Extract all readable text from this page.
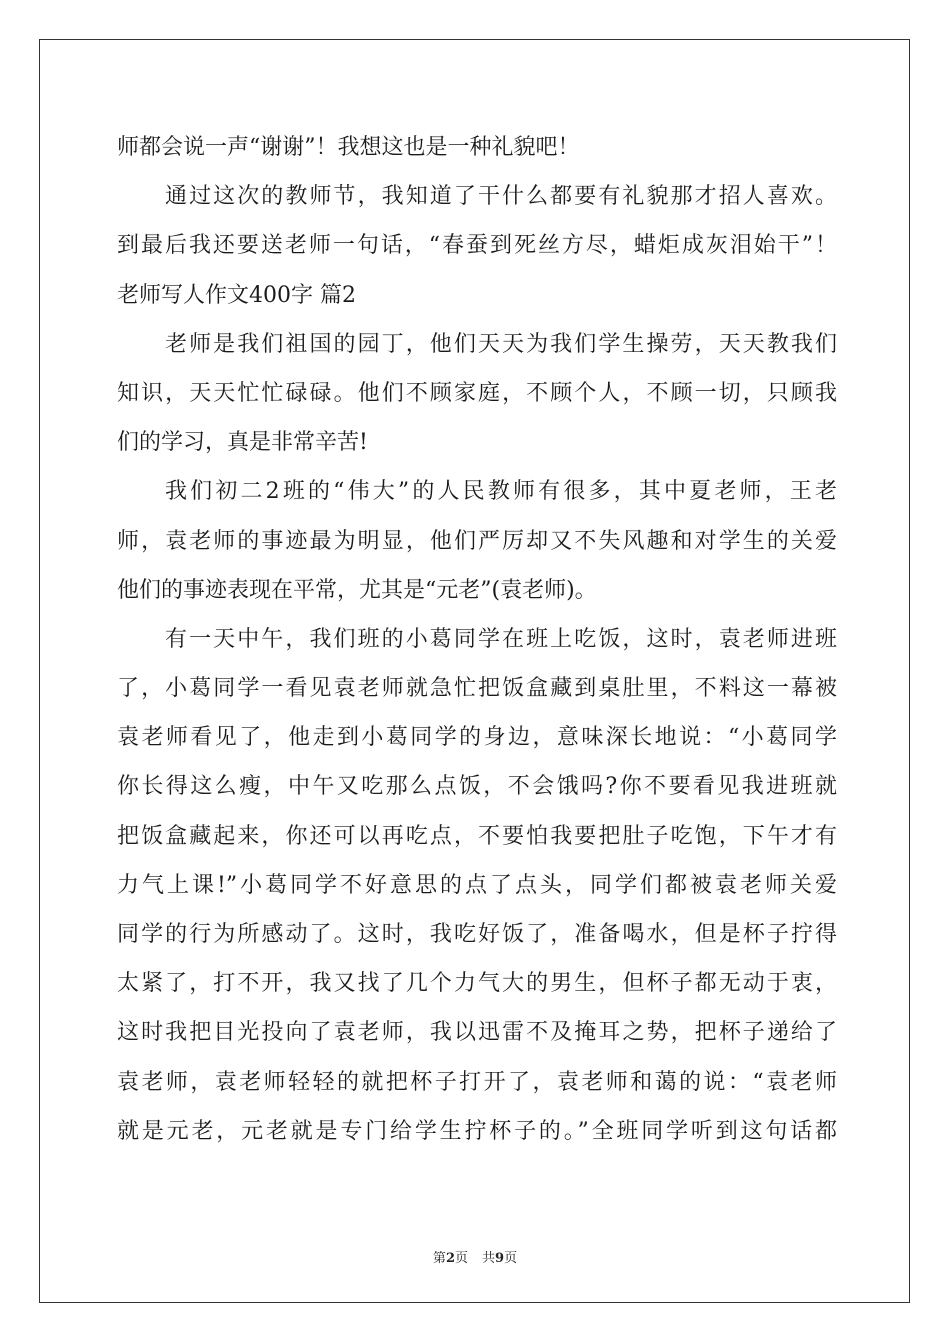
师都会说一声“谢谢”！我想这也是一种礼貌吧！
通过这次的教师节，我知道了干什么都要有礼貌那才招人喜欢。
到最后我还要送老师一句话，“春蚕到死丝方尽，蜡炬成灰泪始干”！
老师写人作文400字 篇2
老师是我们祖国的园丁，他们天天为我们学生操劳，天天教我们
知识，天天忙忙碌碌。他们不顾家庭，不顾个人，不顾一切，只顾我
们的学习，真是非常辛苦!
我们初二2班的“伟大”的人民教师有很多，其中夏老师，王老
师，袁老师的事迹最为明显，他们严厉却又不失风趣和对学生的关爱
他们的事迹表现在平常，尤其是“元老”(袁老师)。
有一天中午，我们班的小葛同学在班上吃饭，这时，袁老师进班
了，小葛同学一看见袁老师就急忙把饭盒藏到桌肚里，不料这一幕被
袁老师看见了，他走到小葛同学的身边，意味深长地说：“小葛同学
你长得这么瘦，中午又吃那么点饭，不会饿吗?你不要看见我进班就
把饭盒藏起来，你还可以再吃点，不要怕我要把肚子吃饱，下午才有
力气上课!”小葛同学不好意思的点了点头，同学们都被袁老师关爱
同学的行为所感动了。这时，我吃好饭了，准备喝水，但是杯子拧得
太紧了，打不开，我又找了几个力气大的男生，但杯子都无动于衷，
这时我把目光投向了袁老师，我以迅雷不及掩耳之势，把杯子递给了
袁老师，袁老师轻轻的就把杯子打开了，袁老师和蔼的说：“袁老师
就是元老，元老就是专门给学生拧杯子的。”全班同学听到这句话都
第2页 共9页
